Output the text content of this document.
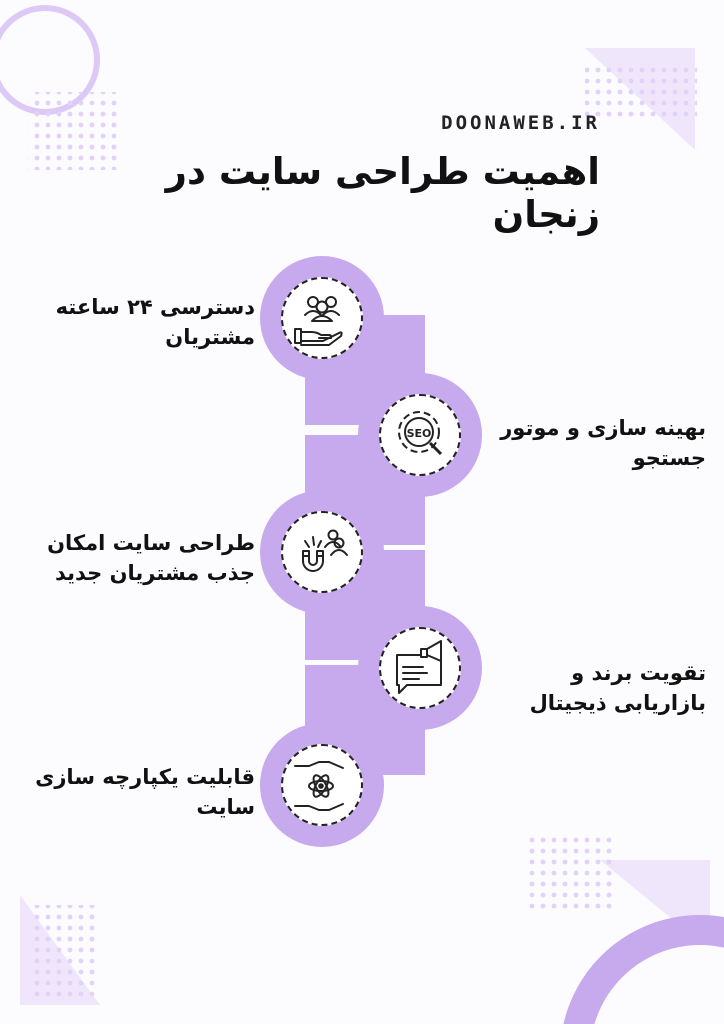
DOONAWEB.IR
اهمیت طراحی سایت در زنجان
دسترسی ۲۴ ساعته
مشتریان
SEO	بهینه سازی و موتور
جستجو
طراحی سایت امکان
جذب مشتریان جدید
تقویت برند و
بازاریابی ذیجیتال
قابلیت یکپارچه سازی
سایت
